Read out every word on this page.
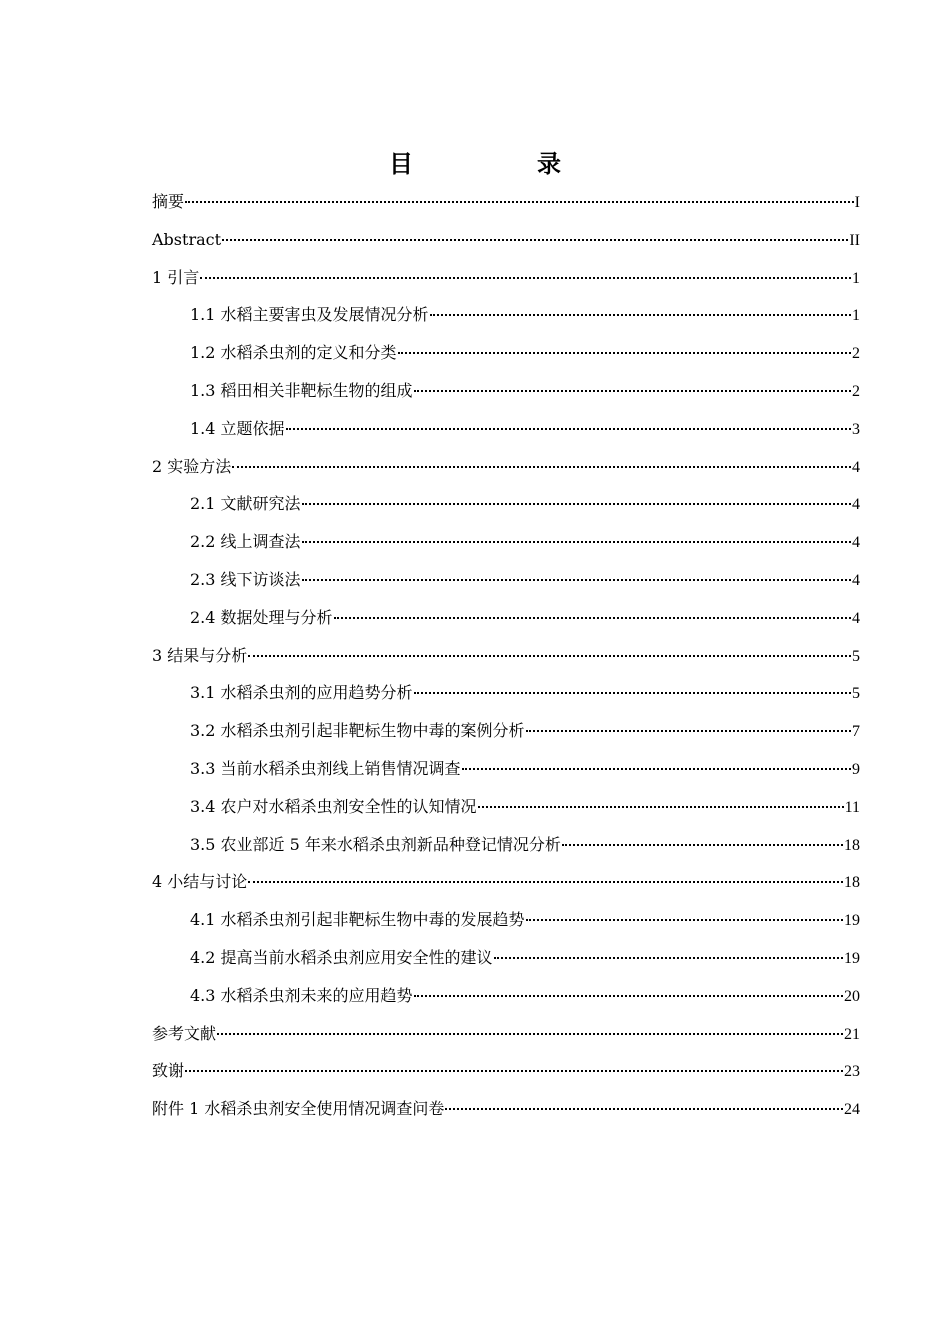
目　录
摘要	I
Abstract	II
1 引言	1
1.1 水稻主要害虫及发展情况分析	1
1.2 水稻杀虫剂的定义和分类	2
1.3 稻田相关非靶标生物的组成	2
1.4 立题依据	3
2 实验方法	4
2.1 文献研究法	4
2.2 线上调查法	4
2.3 线下访谈法	4
2.4 数据处理与分析	4
3 结果与分析	5
3.1 水稻杀虫剂的应用趋势分析	5
3.2 水稻杀虫剂引起非靶标生物中毒的案例分析	7
3.3 当前水稻杀虫剂线上销售情况调查	9
3.4 农户对水稻杀虫剂安全性的认知情况	11
3.5 农业部近 5 年来水稻杀虫剂新品种登记情况分析	18
4 小结与讨论	18
4.1 水稻杀虫剂引起非靶标生物中毒的发展趋势	19
4.2 提高当前水稻杀虫剂应用安全性的建议	19
4.3 水稻杀虫剂未来的应用趋势	20
参考文献	21
致谢	23
附件 1 水稻杀虫剂安全使用情况调查问卷	24
